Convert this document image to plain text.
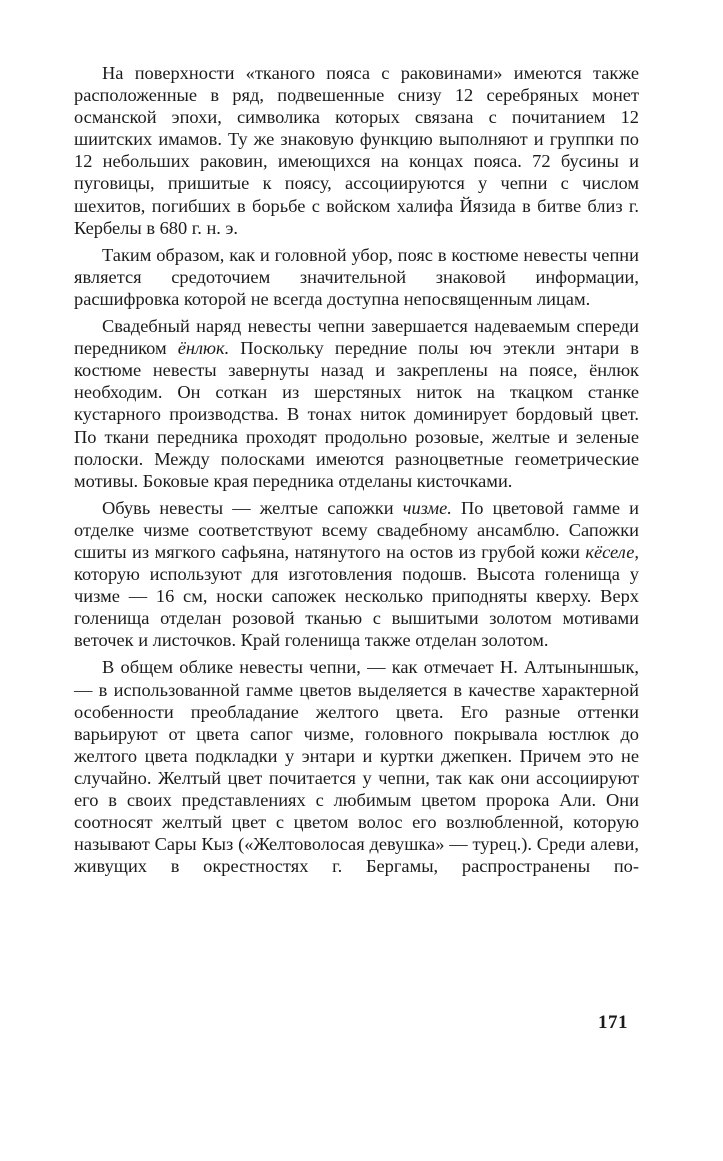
На поверхности «тканого пояса с раковинами» имеются также расположенные в ряд, подвешенные снизу 12 серебряных монет османской эпохи, символика которых связана с почитанием 12 шиитских имамов. Ту же знаковую функцию выполняют и группки по 12 небольших раковин, имеющихся на концах пояса. 72 бусины и пуговицы, пришитые к поясу, ассоциируются у чепни с числом шехитов, погибших в борьбе с войском халифа Йязида в битве близ г. Кербелы в 680 г. н. э.

Таким образом, как и головной убор, пояс в костюме невесты чепни является средоточием значительной знаковой информации, расшифровка которой не всегда доступна непосвященным лицам.

Свадебный наряд невесты чепни завершается надеваемым спереди передником ёнлюк. Поскольку передние полы юч этекли энтари в костюме невесты завернуты назад и закреплены на поясе, ёнлюк необходим. Он соткан из шерстяных ниток на ткацком станке кустарного производства. В тонах ниток доминирует бордовый цвет. По ткани передника проходят продольно розовые, желтые и зеленые полоски. Между полосками имеются разноцветные геометрические мотивы. Боковые края передника отделаны кисточками.

Обувь невесты — желтые сапожки чизме. По цветовой гамме и отделке чизме соответствуют всему свадебному ансамблю. Сапожки сшиты из мягкого сафьяна, натянутого на остов из грубой кожи кёселе, которую используют для изготовления подошв. Высота голенища у чизме — 16 см, носки сапожек несколько приподняты кверху. Верх голенища отделан розовой тканью с вышитыми золотом мотивами веточек и листочков. Край голенища также отделан золотом.

В общем облике невесты чепни, — как отмечает Н. Алтыныншык, — в использованной гамме цветов выделяется в качестве характерной особенности преобладание желтого цвета. Его разные оттенки варьируют от цвета сапог чизме, головного покрывала юстлюк до желтого цвета подкладки у энтари и куртки джепкен. Причем это не случайно. Желтый цвет почитается у чепни, так как они ассоциируют его в своих представлениях с любимым цветом пророка Али. Они соотносят желтый цвет с цветом волос его возлюбленной, которую называют Сары Кыз («Желтоволосая девушка» — турец.). Среди алеви, живущих в окрестностях г. Бергамы, распространены по-

171
